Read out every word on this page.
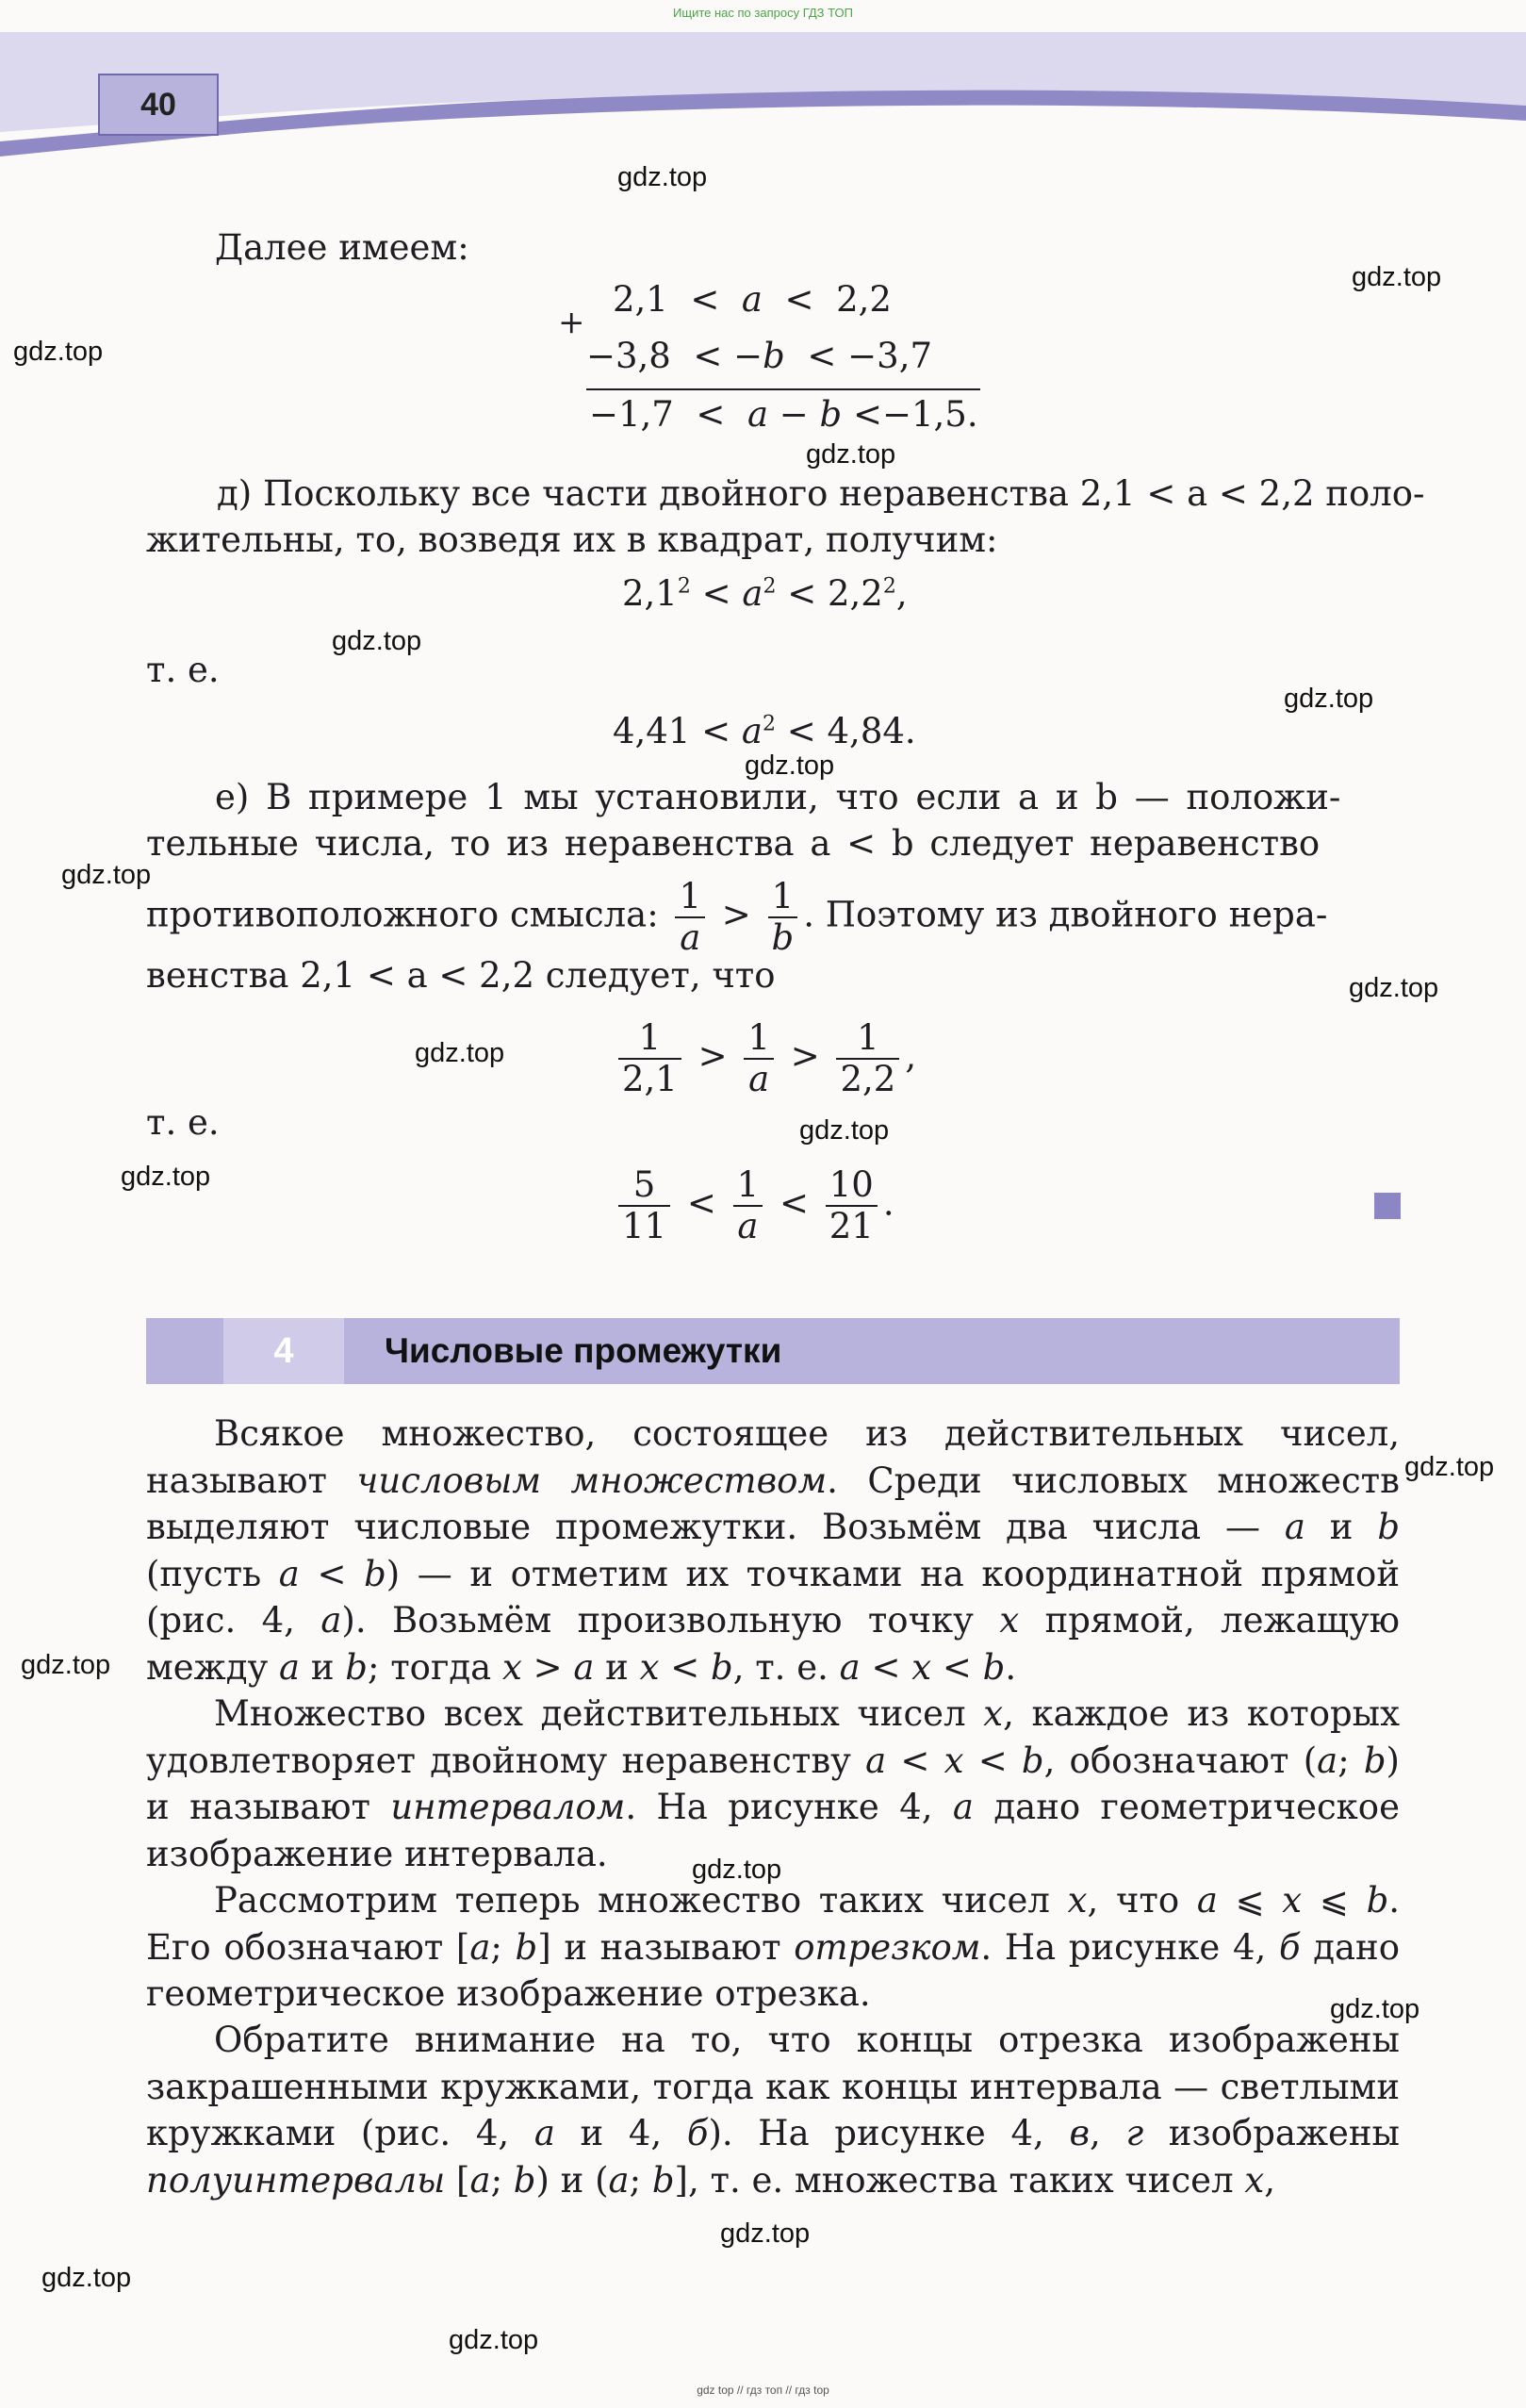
Ищите нас по запросу ГДЗ ТОП
40
gdz.top
gdz.top
gdz.top
gdz.top
gdz.top
gdz.top
gdz.top
gdz.top
gdz.top
gdz.top
gdz.top
gdz.top
gdz.top
gdz.top
gdz.top
gdz.top
gdz.top
gdz.top
gdz.top
Далее имеем:
+
2,1 < a < 2,2
−3,8 < −b < −3,7
−1,7 < a − b <−1,5.
д) Поскольку все части двойного неравенства 2,1 < a < 2,2 поло-
жительны, то, возведя их в квадрат, получим:
$2,1^2 < a^2 < 2,2^2$,
т. е.
$4,41 < a^2 < 4,84$.
е) В примере 1 мы установили, что если a и b — положи-
тельные числа, то из неравенства a < b следует неравенство
противоположного смысла: $\frac{1}{a} > \frac{1}{b}$ . Поэтому из двойного нера-
венства 2,1 < a < 2,2 следует, что
$\frac{1}{2,1} > \frac{1}{a} > \frac{1}{2,2}$ ,
т. е.
$\frac{5}{11} < \frac{1}{a} < \frac{10}{21}$ .
4	Числовые промежутки
Всякое множество, состоящее из действительных чисел, называют числовым множеством. Среди числовых множеств выделяют числовые промежутки. Возьмём два числа — a и b (пусть a < b) — и отметим их точками на координатной прямой (рис. 4, а). Возьмём произвольную точку x прямой, лежащую между a и b; тогда x > a и x < b, т. е. a < x < b.
Множество всех действительных чисел x, каждое из которых удовлетворяет двойному неравенству a < x < b, обозначают (a; b) и называют интервалом. На рисунке 4, а дано геометрическое изображение интервала.
Рассмотрим теперь множество таких чисел x, что a ⩽ x ⩽ b. Его обозначают [a; b] и называют отрезком. На рисунке 4, б дано геометрическое изображение отрезка.
Обратите внимание на то, что концы отрезка изображены закрашенными кружками, тогда как концы интервала — светлыми кружками (рис. 4, а и 4, б). На рисунке 4, в, г изображены полуинтервалы [a; b) и (a; b], т. е. множества таких чисел x,
gdz top // гдз топ // гдз top
